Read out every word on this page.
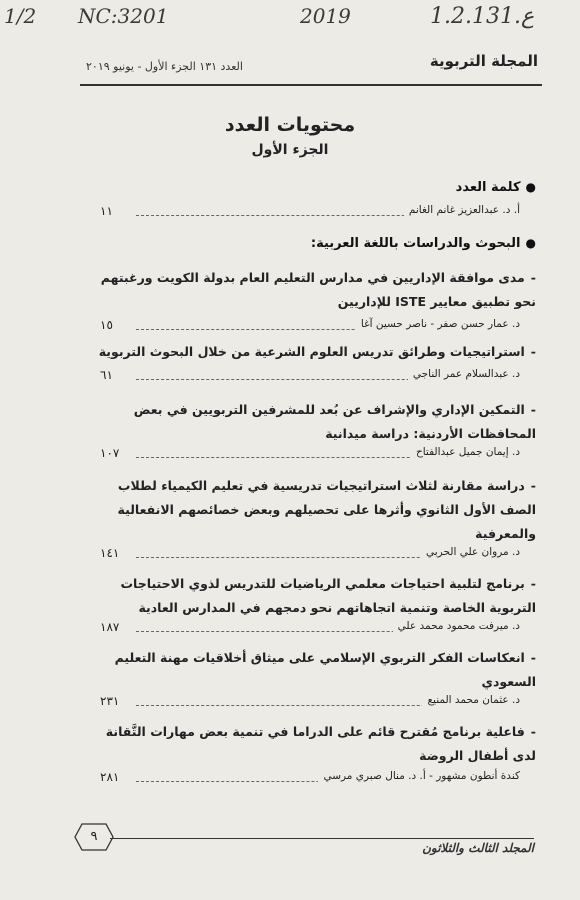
1/2 NC:3201	2019	ع.1.2.131
المجلة التربوية
العدد ١٣١ الجزء الأول - يونيو ٢٠١٩
محتويات العدد
الجزء الأول
●كلمة العدد
أ. د. عبدالعزيز غانم الغانم
١١
●البحوث والدراسات باللغة العربية:
-مدى موافقة الإداريين في مدارس التعليم العام بدولة الكويت ورغبتهم نحو تطبيق معايير ISTE للإداريين
د. عمار حسن صفر - ناصر حسين آغا
١٥
-استراتيجيات وطرائق تدريس العلوم الشرعية من خلال البحوث التربوية
د. عبدالسلام عمر الناجي
٦١
-التمكين الإداري والإشراف عن بُعد للمشرفين التربويين في بعض المحافظات الأردنية: دراسة ميدانية
د. إيمان جميل عبدالفتاح
١٠٧
-دراسة مقارنة لثلاث استراتيجيات تدريسية في تعليم الكيمياء لطلاب الصف الأول الثانوي وأثرها على تحصيلهم وبعض خصائصهم الانفعالية والمعرفية
د. مروان علي الحربي
١٤١
-برنامج لتلبية احتياجات معلمي الرياضيات للتدريس لذوي الاحتياجات التربوية الخاصة وتنمية اتجاهاتهم نحو دمجهم في المدارس العادية
د. ميرفت محمود محمد علي
١٨٧
-انعكاسات الفكر التربوي الإسلامي على ميثاق أخلاقيات مهنة التعليم السعودي
د. عثمان محمد المنيع
٢٣١
-فاعلية برنامج مُقترح قائم على الدراما في تنمية بعض مهارات التَّقانة لدى أطفال الروضة
كندة أنطون مشهور - أ. د. منال صبري مرسي
٢٨١
٩
المجلد الثالث والثلاثون
